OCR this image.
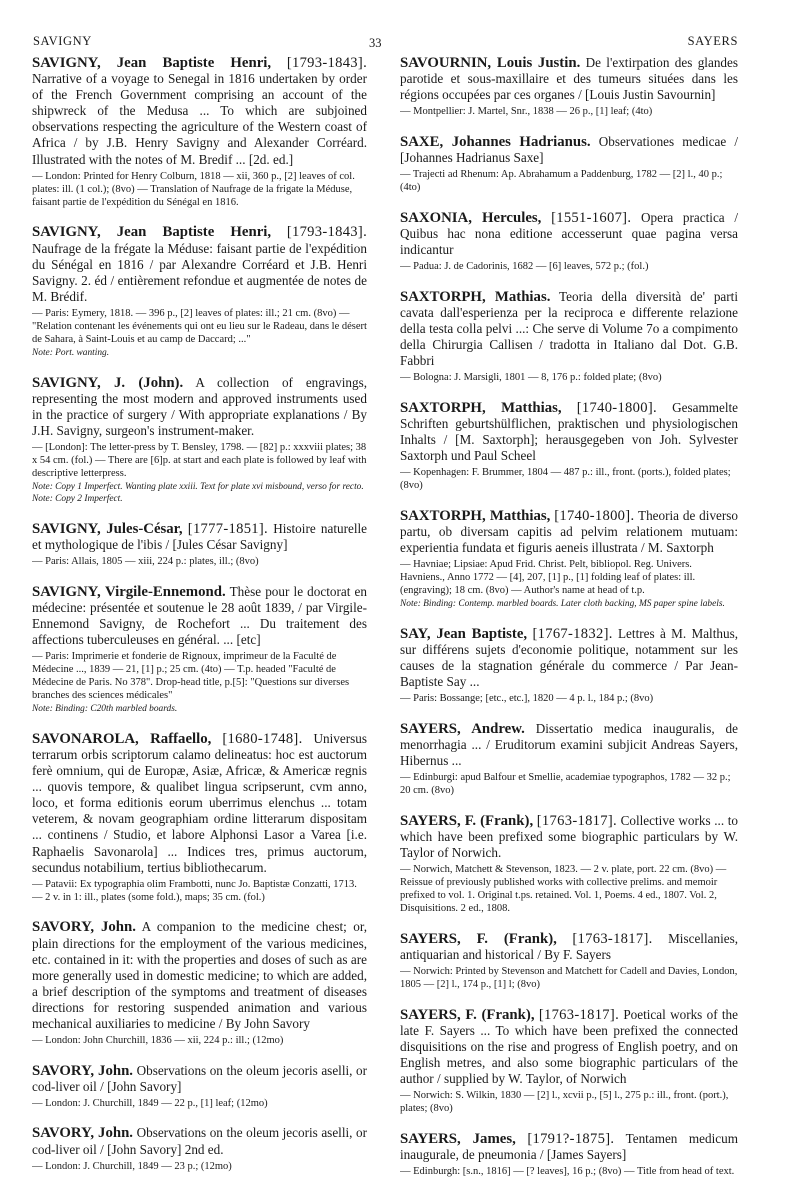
SAVIGNY	33	SAYERS

SAVIGNY, Jean Baptiste Henri, [1793-1843]. Narrative of a voyage to Senegal in 1816 undertaken by order of the French Government comprising an account of the shipwreck of the Medusa ... To which are subjoined observations respecting the agriculture of the Western coast of Africa / by J.B. Henry Savigny and Alexander Corréard. Illustrated with the notes of M. Bredif ... [2d. ed.]

— London: Printed for Henry Colburn, 1818 — xii, 360 p., [2] leaves of col. plates: ill. (1 col.); (8vo) — Translation of Naufrage de la frigate la Méduse, faisant partie de l'expédition du Sénégal en 1816.

SAVIGNY, Jean Baptiste Henri, [1793-1843]. Naufrage de la frégate la Méduse: faisant partie de l'expédition du Sénégal en 1816 / par Alexandre Corréard et J.B. Henri Savigny. 2. éd / entièrement refondue et augmentée de notes de M. Brédif.

— Paris: Eymery, 1818. — 396 p., [2] leaves of plates: ill.; 21 cm. (8vo) — "Relation contenant les événements qui ont eu lieu sur le Radeau, dans le désert de Sahara, à Saint-Louis et au camp de Daccard; ..."
Note: Port. wanting.

SAVIGNY, J. (John). A collection of engravings, representing the most modern and approved instruments used in the practice of surgery / With appropriate explanations / By J.H. Savigny, surgeon's instrument-maker.

— [London]: The letter-press by T. Bensley, 1798. — [82] p.: xxxviii plates; 38 x 54 cm. (fol.) — There are [6]p. at start and each plate is followed by leaf with descriptive letterpress.
Note: Copy 1 Imperfect. Wanting plate xxiii. Text for plate xvi misbound, verso for recto. Note: Copy 2 Imperfect.

SAVIGNY, Jules-César, [1777-1851]. Histoire naturelle et mythologique de l'ibis / [Jules César Savigny]

— Paris: Allais, 1805 — xiii, 224 p.: plates, ill.; (8vo)

SAVIGNY, Virgile-Ennemond. Thèse pour le doctorat en médecine: présentée et soutenue le 28 août 1839, / par Virgile-Ennemond Savigny, de Rochefort ... Du traitement des affections tuberculeuses en général. ... [etc]

— Paris: Imprimerie et fonderie de Rignoux, imprimeur de la Faculté de Médecine ..., 1839 — 21, [1] p.; 25 cm. (4to) — T.p. headed "Faculté de Médecine de Paris. No 378". Drop-head title, p.[5]: "Questions sur diverses branches des sciences médicales"
Note: Binding: C20th marbled boards.

SAVONAROLA, Raffaello, [1680-1748]. Universus terrarum orbis scriptorum calamo delineatus: hoc est auctorum ferè omnium, qui de Europæ, Asiæ, Africæ, & Americæ regnis ... quovis tempore, & qualibet lingua scripserunt, cvm anno, loco, et forma editionis eorum uberrimus elenchus ... totam veterem, & novam geographiam ordine litterarum dispositam ... continens / Studio, et labore Alphonsi Lasor a Varea [i.e. Raphaelis Savonarola] ... Indices tres, primus auctorum, secundus notabilium, tertius bibliothecarum.

— Patavii: Ex typographia olim Frambotti, nunc Jo. Baptistæ Conzatti, 1713. — 2 v. in 1: ill., plates (some fold.), maps; 35 cm. (fol.)

SAVORY, John. A companion to the medicine chest; or, plain directions for the employment of the various medicines, etc. contained in it: with the properties and doses of such as are more generally used in domestic medicine; to which are added, a brief description of the symptoms and treatment of diseases directions for restoring suspended animation and various mechanical auxiliaries to medicine / By John Savory

— London: John Churchill, 1836 — xii, 224 p.: ill.; (12mo)

SAVORY, John. Observations on the oleum jecoris aselli, or cod-liver oil / [John Savory]

— London: J. Churchill, 1849 — 22 p., [1] leaf; (12mo)

SAVORY, John. Observations on the oleum jecoris aselli, or cod-liver oil / [John Savory] 2nd ed.

— London: J. Churchill, 1849 — 23 p.; (12mo)

SAVOURNIN, Louis Justin. De l'extirpation des glandes parotide et sous-maxillaire et des tumeurs situées dans les régions occupées par ces organes / [Louis Justin Savournin]

— Montpellier: J. Martel, Snr., 1838 — 26 p., [1] leaf; (4to)

SAXE, Johannes Hadrianus. Observationes medicae / [Johannes Hadrianus Saxe]

— Trajecti ad Rhenum: Ap. Abrahamum a Paddenburg, 1782 — [2] l., 40 p.; (4to)

SAXONIA, Hercules, [1551-1607]. Opera practica / Quibus hac nona editione accesserunt quae pagina versa indicantur

— Padua: J. de Cadorinis, 1682 — [6] leaves, 572 p.; (fol.)

SAXTORPH, Mathias. Teoria della diversità de' parti cavata dall'esperienza per la reciproca e differente relazione della testa colla pelvi ...: Che serve di Volume 7o a compimento della Chirurgia Callisen / tradotta in Italiano dal Dot. G.B. Fabbri

— Bologna: J. Marsigli, 1801 — 8, 176 p.: folded plate; (8vo)

SAXTORPH, Matthias, [1740-1800]. Gesammelte Schriften geburtshülflichen, praktischen und physiologischen Inhalts / [M. Saxtorph]; herausgegeben von Joh. Sylvester Saxtorph und Paul Scheel

— Kopenhagen: F. Brummer, 1804 — 487 p.: ill., front. (ports.), folded plates; (8vo)

SAXTORPH, Matthias, [1740-1800]. Theoria de diverso partu, ob diversam capitis ad pelvim relationem mutuam: experientia fundata et figuris aeneis illustrata / M. Saxtorph

— Havniae; Lipsiae: Apud Frid. Christ. Pelt, bibliopol. Reg. Univers. Havniens., Anno 1772 — [4], 207, [1] p., [1] folding leaf of plates: ill. (engraving); 18 cm. (8vo) — Author's name at head of t.p.
Note: Binding: Contemp. marbled boards. Later cloth backing, MS paper spine labels.

SAY, Jean Baptiste, [1767-1832]. Lettres à M. Malthus, sur différens sujets d'economie politique, notamment sur les causes de la stagnation générale du commerce / Par Jean-Baptiste Say ...

— Paris: Bossange; [etc., etc.], 1820 — 4 p. l., 184 p.; (8vo)

SAYERS, Andrew. Dissertatio medica inauguralis, de menorrhagia ... / Eruditorum examini subjicit Andreas Sayers, Hibernus ...

— Edinburgi: apud Balfour et Smellie, academiae typographos, 1782 — 32 p.; 20 cm. (8vo)

SAYERS, F. (Frank), [1763-1817]. Collective works ... to which have been prefixed some biographic particulars by W. Taylor of Norwich.

— Norwich, Matchett & Stevenson, 1823. — 2 v. plate, port. 22 cm. (8vo) — Reissue of previously published works with collective prelims. and memoir prefixed to vol. 1. Original t.ps. retained. Vol. 1, Poems. 4 ed., 1807. Vol. 2, Disquisitions. 2 ed., 1808.

SAYERS, F. (Frank), [1763-1817]. Miscellanies, antiquarian and historical / By F. Sayers

— Norwich: Printed by Stevenson and Matchett for Cadell and Davies, London, 1805 — [2] l., 174 p., [1] l; (8vo)

SAYERS, F. (Frank), [1763-1817]. Poetical works of the late F. Sayers ... To which have been prefixed the connected disquisitions on the rise and progress of English poetry, and on English metres, and also some biographic particulars of the author / supplied by W. Taylor, of Norwich

— Norwich: S. Wilkin, 1830 — [2] l., xcvii p., [5] l., 275 p.: ill., front. (port.), plates; (8vo)

SAYERS, James, [1791?-1875]. Tentamen medicum inaugurale, de pneumonia / [James Sayers]

— Edinburgh: [s.n., 1816] — [? leaves], 16 p.; (8vo) — Title from head of text.
